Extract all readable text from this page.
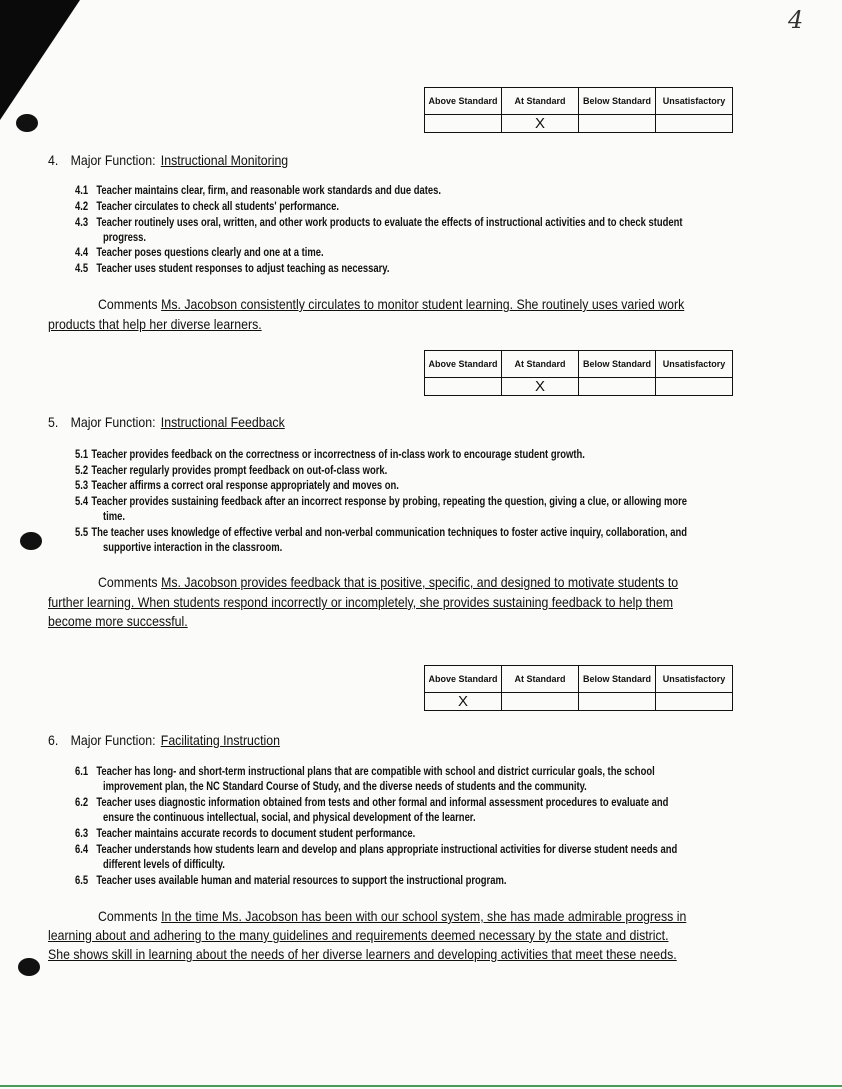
4
Above Standard	At Standard	Below Standard	Unsatisfactory
	X		
4. Major Function: Instructional Monitoring
4.1 Teacher maintains clear, firm, and reasonable work standards and due dates.
4.2 Teacher circulates to check all students' performance.
4.3 Teacher routinely uses oral, written, and other work products to evaluate the effects of instructional activities and to check student
progress.
4.4 Teacher poses questions clearly and one at a time.
4.5 Teacher uses student responses to adjust teaching as necessary.
Comments Ms. Jacobson consistently circulates to monitor student learning. She routinely uses varied work
products that help her diverse learners.
Above Standard	At Standard	Below Standard	Unsatisfactory
	X		
5. Major Function: Instructional Feedback
5.1 Teacher provides feedback on the correctness or incorrectness of in-class work to encourage student growth.
5.2 Teacher regularly provides prompt feedback on out-of-class work.
5.3 Teacher affirms a correct oral response appropriately and moves on.
5.4 Teacher provides sustaining feedback after an incorrect response by probing, repeating the question, giving a clue, or allowing more
time.
5.5 The teacher uses knowledge of effective verbal and non-verbal communication techniques to foster active inquiry, collaboration, and
supportive interaction in the classroom.
Comments Ms. Jacobson provides feedback that is positive, specific, and designed to motivate students to
further learning. When students respond incorrectly or incompletely, she provides sustaining feedback to help them
become more successful.
Above Standard	At Standard	Below Standard	Unsatisfactory
X			
6. Major Function: Facilitating Instruction
6.1 Teacher has long- and short-term instructional plans that are compatible with school and district curricular goals, the school
improvement plan, the NC Standard Course of Study, and the diverse needs of students and the community.
6.2 Teacher uses diagnostic information obtained from tests and other formal and informal assessment procedures to evaluate and
ensure the continuous intellectual, social, and physical development of the learner.
6.3 Teacher maintains accurate records to document student performance.
6.4 Teacher understands how students learn and develop and plans appropriate instructional activities for diverse student needs and
different levels of difficulty.
6.5 Teacher uses available human and material resources to support the instructional program.
Comments In the time Ms. Jacobson has been with our school system, she has made admirable progress in
learning about and adhering to the many guidelines and requirements deemed necessary by the state and district.
She shows skill in learning about the needs of her diverse learners and developing activities that meet these needs.
